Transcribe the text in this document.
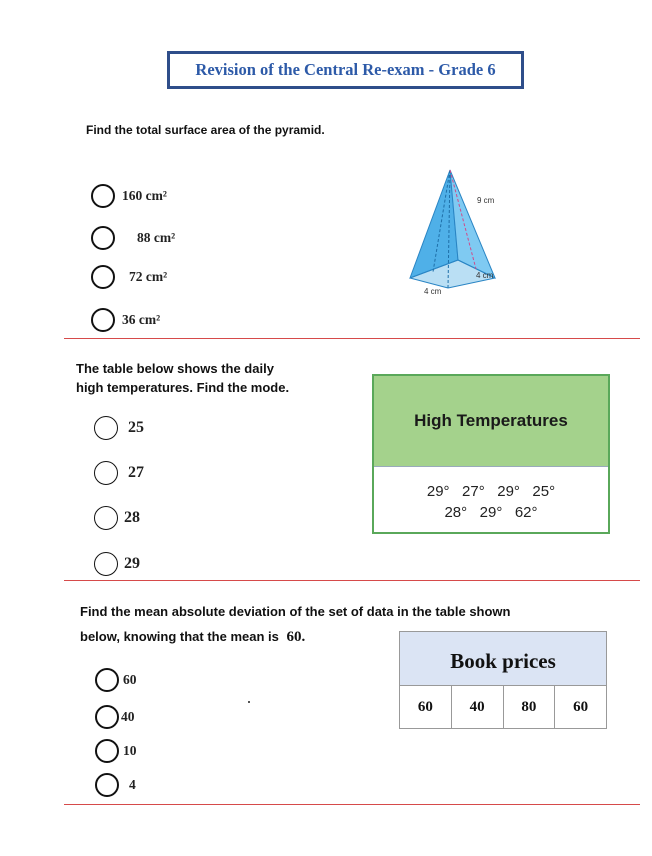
Revision of the Central Re-exam - Grade 6
Find the total surface area of the pyramid.
160 cm²
88 cm²
72 cm²
36 cm²
9 cm
4 cm
4 cm
The table below shows the daily
high temperatures. Find the mode.
25
27
28
29
High Temperatures
29°   27°   29°   25°
28°   29°   62°
Find the mean absolute deviation of the set of data in the table shown
below, knowing that the mean is 60.
60
40
10
4
Book prices
60	40	80	60
